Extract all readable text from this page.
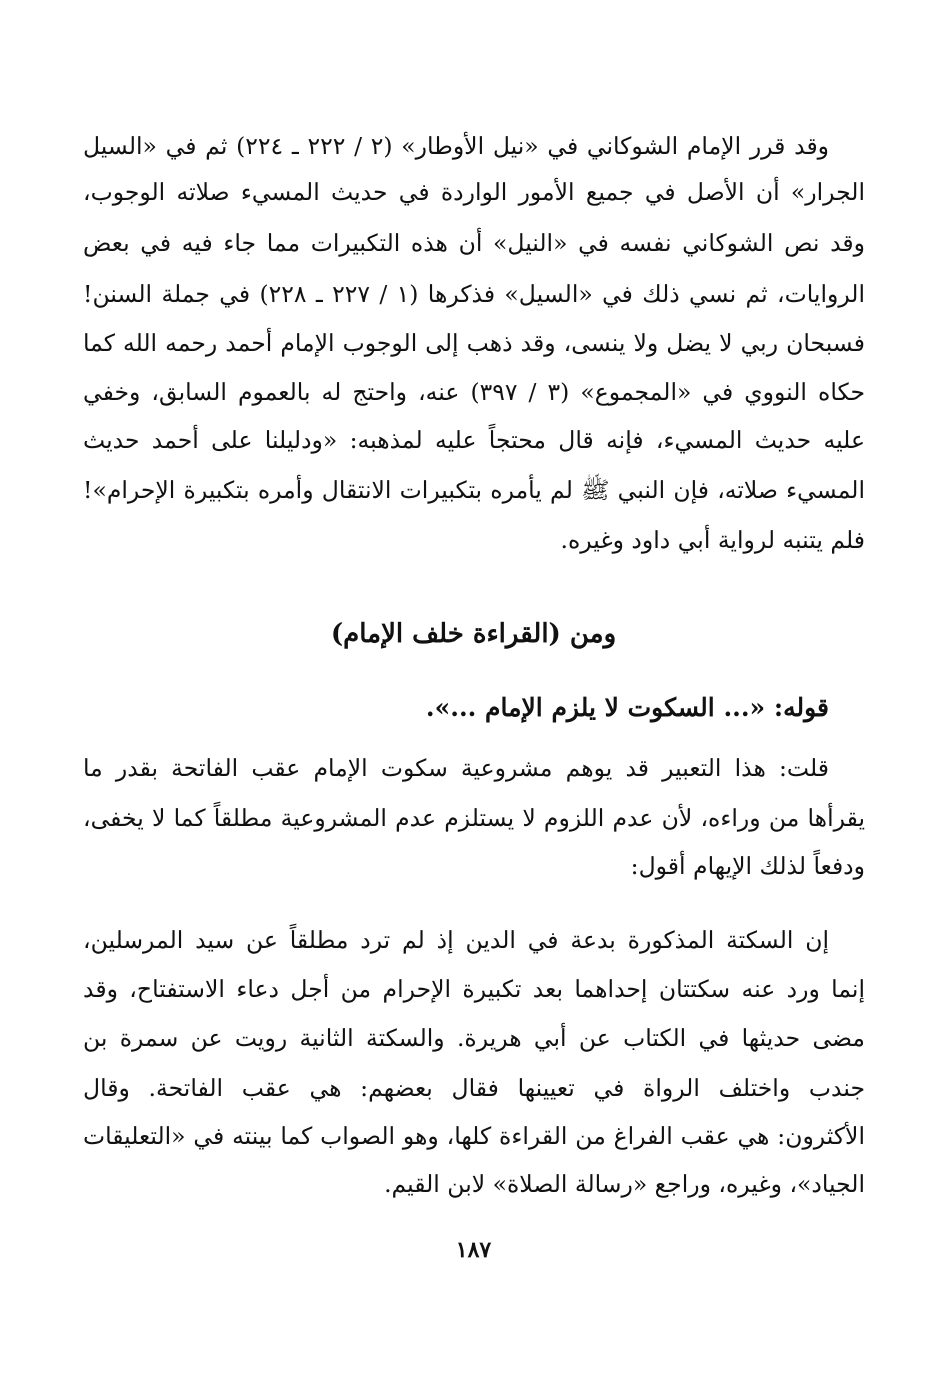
وقد قرر الإمام الشوكاني في «نيل الأوطار» (٢ / ٢٢٢ ـ ٢٢٤) ثم في «السيل
الجرار» أن الأصل في جميع الأمور الواردة في حديث المسيء صلاته الوجوب،
وقد نص الشوكاني نفسه في «النيل» أن هذه التكبيرات مما جاء فيه في بعض
الروايات، ثم نسي ذلك في «السيل» فذكرها (١ / ٢٢٧ ـ ٢٢٨) في جملة السنن!
فسبحان ربي لا يضل ولا ينسى، وقد ذهب إلى الوجوب الإمام أحمد رحمه الله كما
حكاه النووي في «المجموع» (٣ / ٣٩٧) عنه، واحتج له بالعموم السابق، وخفي
عليه حديث المسيء، فإنه قال محتجاً عليه لمذهبه: «ودليلنا على أحمد حديث
المسيء صلاته، فإن النبي ﷺ لم يأمره بتكبيرات الانتقال وأمره بتكبيرة الإحرام»!
فلم يتنبه لرواية أبي داود وغيره.
ومن (القراءة خلف الإمام)
قوله: «... السكوت لا يلزم الإمام ...».
قلت: هذا التعبير قد يوهم مشروعية سكوت الإمام عقب الفاتحة بقدر ما
يقرأها من وراءه، لأن عدم اللزوم لا يستلزم عدم المشروعية مطلقاً كما لا يخفى،
ودفعاً لذلك الإيهام أقول:
إن السكتة المذكورة بدعة في الدين إذ لم ترد مطلقاً عن سيد المرسلين،
إنما ورد عنه سكتتان إحداهما بعد تكبيرة الإحرام من أجل دعاء الاستفتاح، وقد
مضى حديثها في الكتاب عن أبي هريرة. والسكتة الثانية رويت عن سمرة بن
جندب واختلف الرواة في تعيينها فقال بعضهم: هي عقب الفاتحة. وقال
الأكثرون: هي عقب الفراغ من القراءة كلها، وهو الصواب كما بينته في «التعليقات
الجياد»، وغيره، وراجع «رسالة الصلاة» لابن القيم.
١٨٧
